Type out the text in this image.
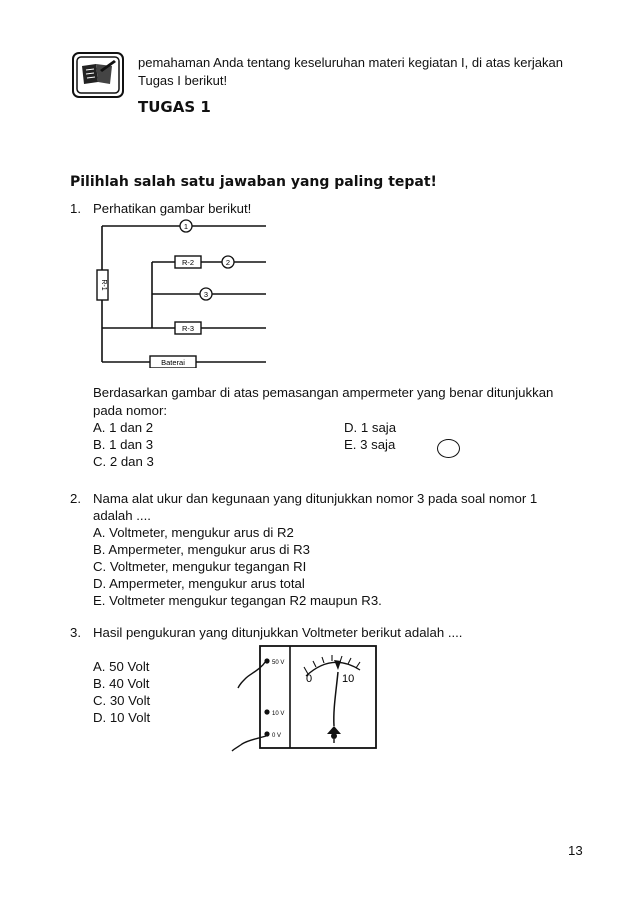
pemahaman Anda tentang keseluruhan materi kegiatan I, di atas kerjakan
Tugas I berikut!
TUGAS 1
Pilihlah salah satu jawaban yang paling tepat!
1. Perhatikan gambar berikut!
R-1
1
R-2	2
3
R-3
Baterai
Berdasarkan gambar di atas pemasangan ampermeter yang benar ditunjukkan
pada nomor:
A. 1 dan 2
B. 1 dan 3
C. 2 dan 3
D. 1 saja
E. 3 saja
2. Nama alat ukur dan kegunaan yang ditunjukkan nomor 3 pada soal nomor 1
adalah ....
A. Voltmeter, mengukur arus di R2
B. Ampermeter, mengukur arus di R3
C. Voltmeter, mengukur tegangan RI
D. Ampermeter, mengukur arus total
E. Voltmeter mengukur tegangan R2 maupun R3.
3. Hasil pengukuran yang ditunjukkan Voltmeter berikut adalah ....
A. 50 Volt
B. 40 Volt
C. 30 Volt
D. 10 Volt
50 V
10 V
0 V
0	10
13
